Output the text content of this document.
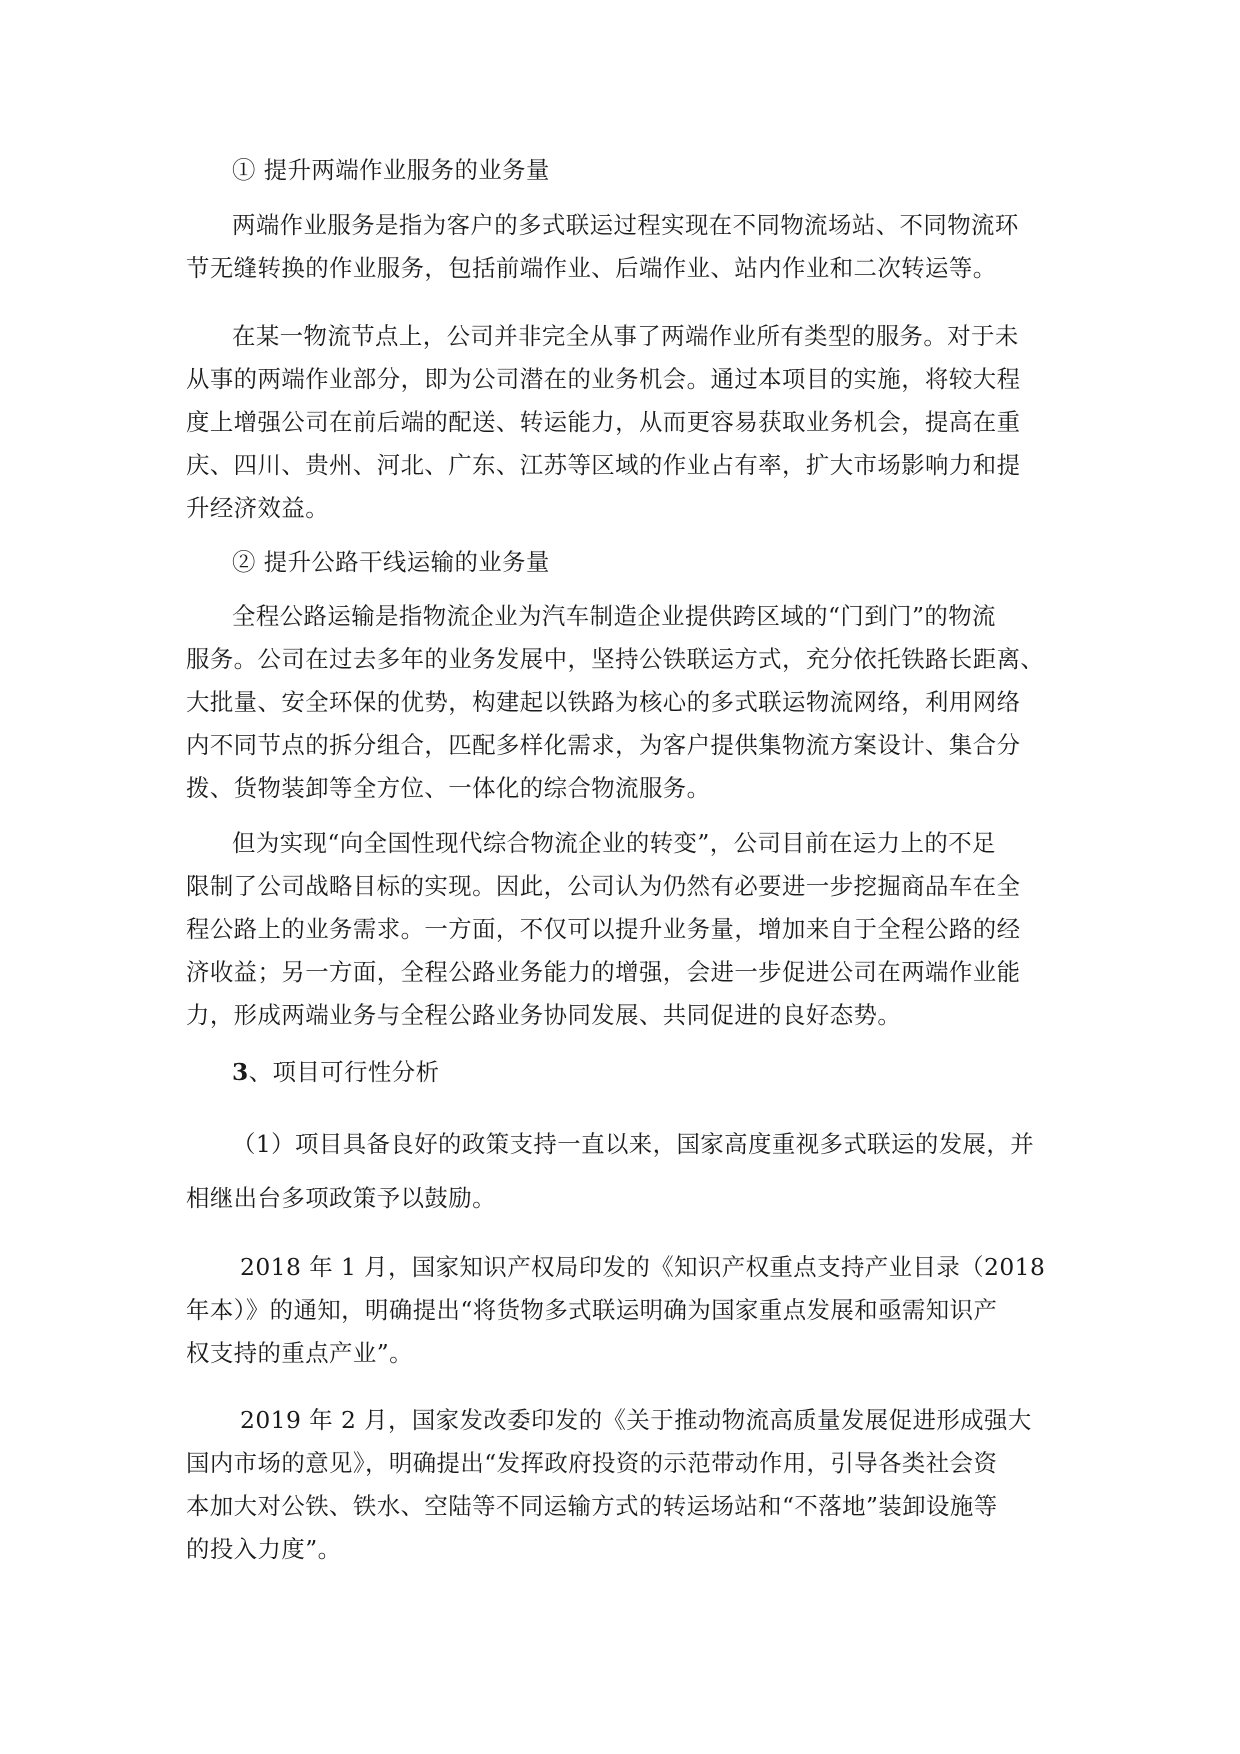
① 提升两端作业服务的业务量
两端作业服务是指为客户的多式联运过程实现在不同物流场站、不同物流环
节无缝转换的作业服务，包括前端作业、后端作业、站内作业和二次转运等。
在某一物流节点上，公司并非完全从事了两端作业所有类型的服务。对于未
从事的两端作业部分，即为公司潜在的业务机会。通过本项目的实施，将较大程
度上增强公司在前后端的配送、转运能力，从而更容易获取业务机会，提高在重
庆、四川、贵州、河北、广东、江苏等区域的作业占有率，扩大市场影响力和提
升经济效益。
② 提升公路干线运输的业务量
全程公路运输是指物流企业为汽车制造企业提供跨区域的“门到门”的物流
服务。公司在过去多年的业务发展中，坚持公铁联运方式，充分依托铁路长距离、
大批量、安全环保的优势，构建起以铁路为核心的多式联运物流网络，利用网络
内不同节点的拆分组合，匹配多样化需求，为客户提供集物流方案设计、集合分
拨、货物装卸等全方位、一体化的综合物流服务。
但为实现“向全国性现代综合物流企业的转变”，公司目前在运力上的不足
限制了公司战略目标的实现。因此，公司认为仍然有必要进一步挖掘商品车在全
程公路上的业务需求。一方面，不仅可以提升业务量，增加来自于全程公路的经
济收益；另一方面，全程公路业务能力的增强，会进一步促进公司在两端作业能
力，形成两端业务与全程公路业务协同发展、共同促进的良好态势。
3、项目可行性分析
（1）项目具备良好的政策支持一直以来，国家高度重视多式联运的发展，并
相继出台多项政策予以鼓励。
2018 年 1 月，国家知识产权局印发的《知识产权重点支持产业目录（2018
年本）》的通知，明确提出“将货物多式联运明确为国家重点发展和亟需知识产
权支持的重点产业”。
2019 年 2 月，国家发改委印发的《关于推动物流高质量发展促进形成强大
国内市场的意见》，明确提出“发挥政府投资的示范带动作用，引导各类社会资
本加大对公铁、铁水、空陆等不同运输方式的转运场站和“不落地”装卸设施等
的投入力度”。
